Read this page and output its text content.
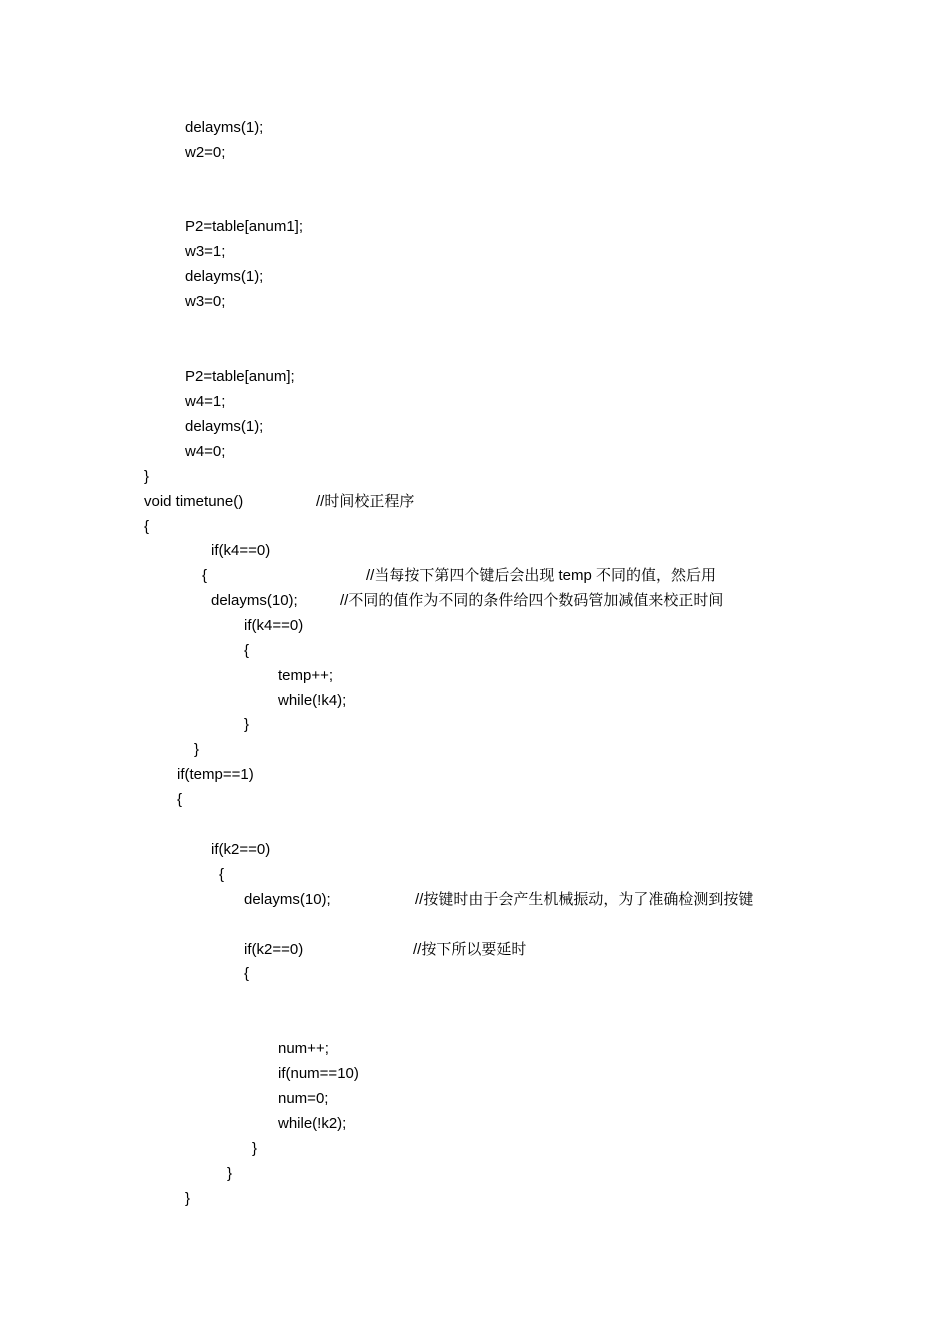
delayms(1);
w2=0;
P2=table[anum1];
w3=1;
delayms(1);
w3=0;
P2=table[anum];
w4=1;
delayms(1);
w4=0;
}
void timetune()	//时间校正程序
{
if(k4==0)
{	//当每按下第四个键后会出现 temp 不同的值，然后用
delayms(10);	//不同的值作为不同的条件给四个数码管加减值来校正时间
if(k4==0)
{
temp++;
while(!k4);
}
}
if(temp==1)
{
if(k2==0)
{
delayms(10);	//按键时由于会产生机械振动，为了准确检测到按键
if(k2==0)	//按下所以要延时
{
num++;
if(num==10)
num=0;
while(!k2);
}
}
}
